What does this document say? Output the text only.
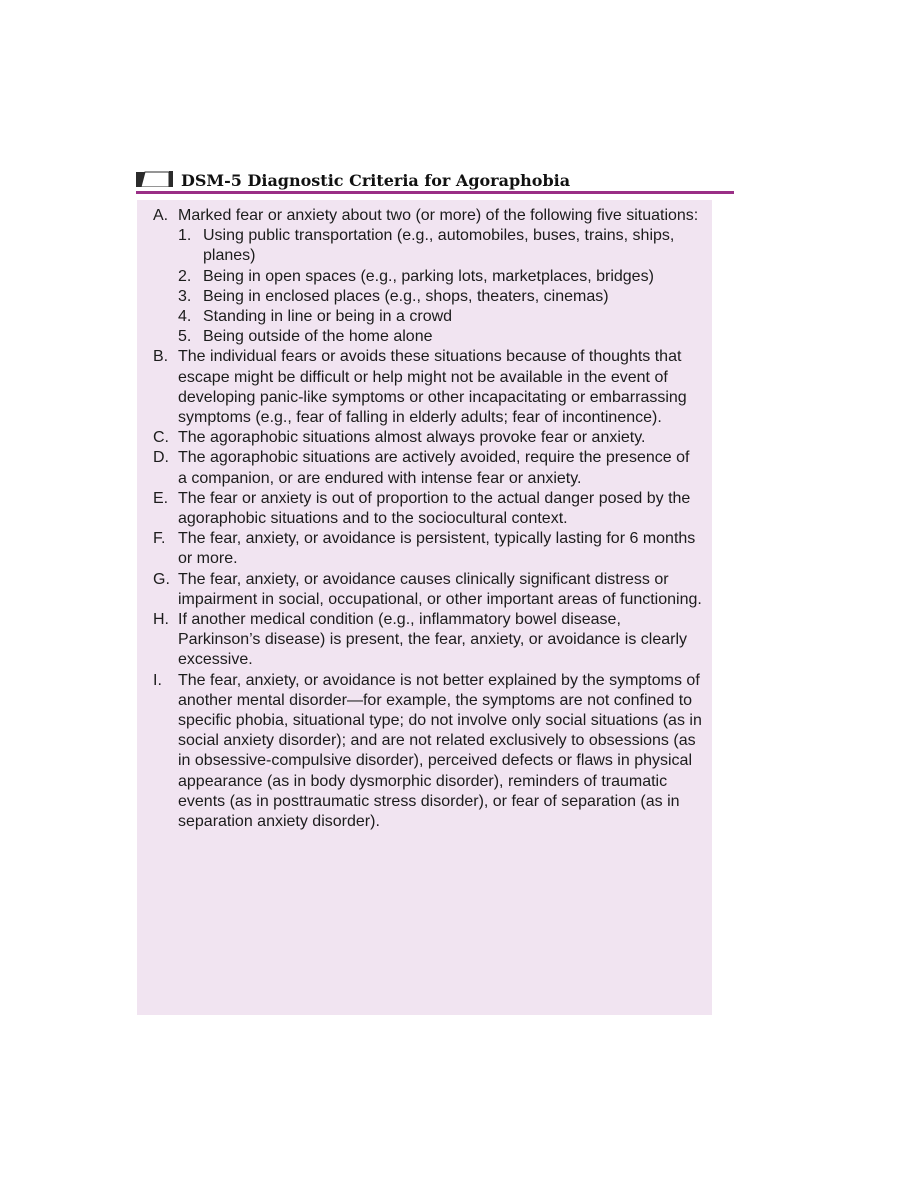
DSM-5 Diagnostic Criteria for Agoraphobia
A. Marked fear or anxiety about two (or more) of the following five situations:
1. Using public transportation (e.g., automobiles, buses, trains, ships, planes)
2. Being in open spaces (e.g., parking lots, marketplaces, bridges)
3. Being in enclosed places (e.g., shops, theaters, cinemas)
4. Standing in line or being in a crowd
5. Being outside of the home alone
B. The individual fears or avoids these situations because of thoughts that escape might be difficult or help might not be available in the event of developing panic-like symptoms or other incapacitating or embarrassing symptoms (e.g., fear of falling in elderly adults; fear of incontinence).
C. The agoraphobic situations almost always provoke fear or anxiety.
D. The agoraphobic situations are actively avoided, require the presence of a companion, or are endured with intense fear or anxiety.
E. The fear or anxiety is out of proportion to the actual danger posed by the agoraphobic situations and to the sociocultural context.
F. The fear, anxiety, or avoidance is persistent, typically lasting for 6 months or more.
G. The fear, anxiety, or avoidance causes clinically significant distress or impairment in social, occupational, or other important areas of functioning.
H. If another medical condition (e.g., inflammatory bowel disease, Parkinson’s disease) is present, the fear, anxiety, or avoidance is clearly excessive.
I. The fear, anxiety, or avoidance is not better explained by the symptoms of another mental disorder—for example, the symptoms are not confined to specific phobia, situational type; do not involve only social situations (as in social anxiety disorder); and are not related exclusively to obsessions (as in obsessive-compulsive disorder), perceived defects or flaws in physical appearance (as in body dysmorphic disorder), reminders of traumatic events (as in posttraumatic stress disorder), or fear of separation (as in separation anxiety disorder).
